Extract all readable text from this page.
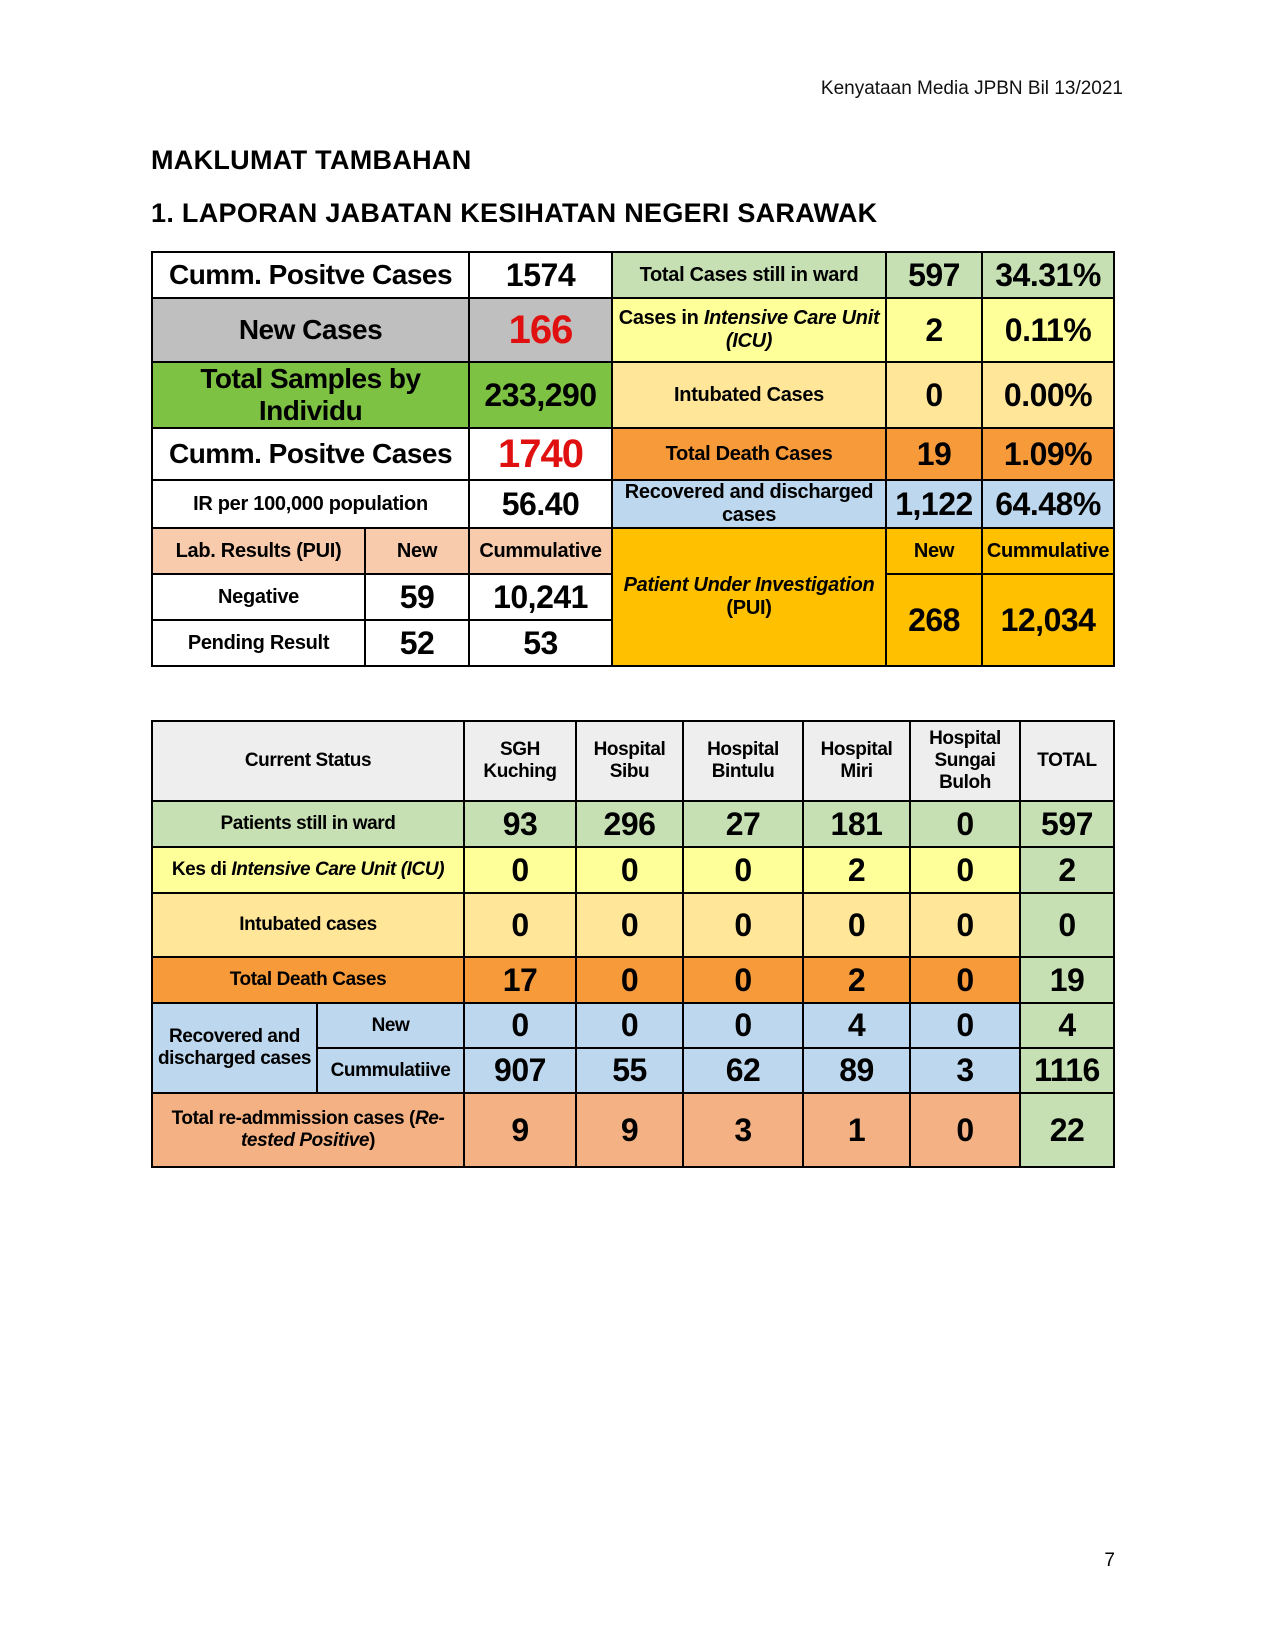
Kenyataan Media JPBN Bil 13/2021
MAKLUMAT TAMBAHAN
1. LAPORAN JABATAN KESIHATAN NEGERI SARAWAK
Cumm. Positve Cases		1574	Total Cases still in ward	597	34.31%
New Cases		166	Cases in Intensive Care Unit (ICU)	2	0.11%
Total Samples by Individu		233,290	Intubated Cases	0	0.00%
Cumm. Positve Cases		1740	Total Death Cases	19	1.09%
IR per 100,000 population		56.40	Recovered and discharged cases	1,122	64.48%
Lab. Results (PUI)	New	Cummulative	Patient Under Investigation (PUI)	New	Cummulative
Negative	59	10,241		268	12,034
Pending Result	52	53			
Current Status		SGH Kuching	Hospital Sibu	Hospital Bintulu	Hospital Miri	Hospital Sungai Buloh	TOTAL
Patients still in ward		93	296	27	181	0	597
Kes di Intensive Care Unit (ICU)		0	0	0	2	0	2
Intubated cases		0	0	0	0	0	0
Total Death Cases		17	0	0	2	0	19
Recovered and discharged cases	New	0	0	0	4	0	4
	Cummulatiive	907	55	62	89	3	1116
Total re-admmission cases (Re-tested Positive)		9	9	3	1	0	22
7
